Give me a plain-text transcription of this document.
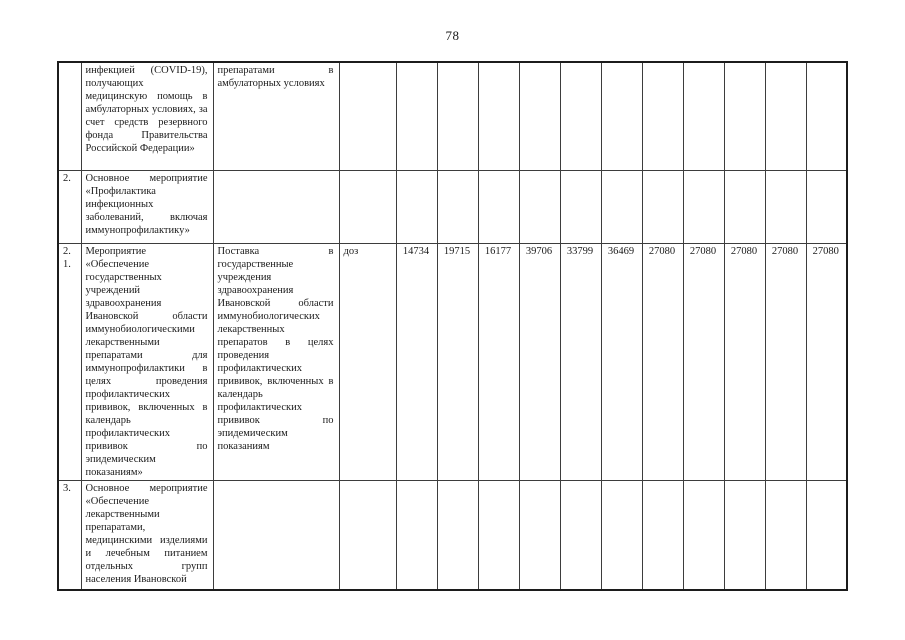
78
	инфекцией (COVID-19), получающих медицинскую помощь в амбулаторных условиях, за счет средств резервного фонда Правительства Российской Федерации»	препаратами в амбулаторных условиях												
2.	Основное мероприятие «Профилактика инфекционных заболеваний, включая иммунопрофилактику»													
2.1.	Мероприятие «Обеспечение государственных учреждений здравоохранения Ивановской области иммунобиологическими лекарственными препаратами для иммунопрофилактики в целях проведения профилактических прививок, включенных в календарь профилактических прививок по эпидемическим показаниям»	Поставка в государственные учреждения здравоохранения Ивановской области иммунобиологических лекарственных препаратов в целях проведения профилактических прививок, включенных в календарь профилактических прививок по эпидемическим показаниям	доз	14734	19715	16177	39706	33799	36469	27080	27080	27080	27080	27080
3.	Основное мероприятие «Обеспечение лекарственными препаратами, медицинскими изделиями и лечебным питанием отдельных групп населения Ивановской													
